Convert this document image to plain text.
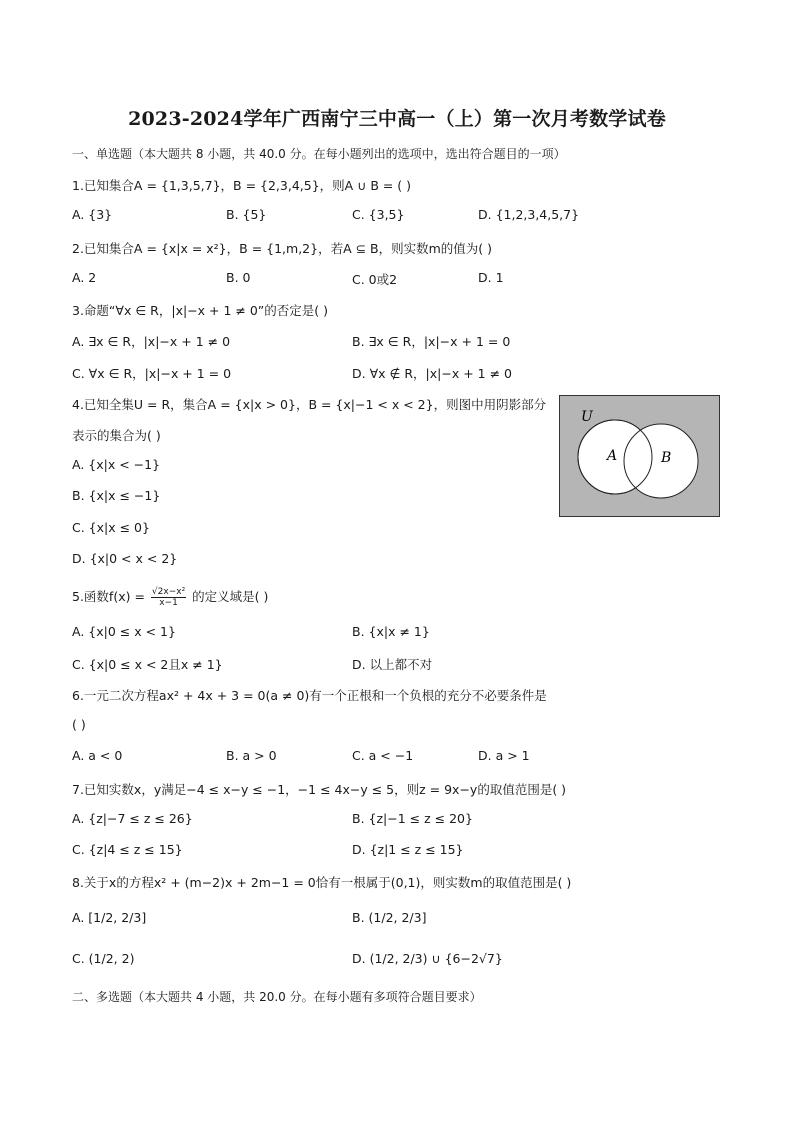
2023-2024学年广西南宁三中高一（上）第一次月考数学试卷
一、单选题（本大题共 8 小题，共 40.0 分。在每小题列出的选项中，选出符合题目的一项）
1.已知集合A = {1,3,5,7}，B = {2,3,4,5}，则A ∪ B = ( )
A. {3}	B. {5}	C. {3,5}	D. {1,2,3,4,5,7}
2.已知集合A = {x|x = x²}，B = {1,m,2}，若A ⊆ B，则实数m的值为( )
A. 2	B. 0	C. 0或2	D. 1
3.命题“∀x ∈ R，|x|−x + 1 ≠ 0”的否定是( )
A. ∃x ∈ R，|x|−x + 1 ≠ 0	B. ∃x ∈ R，|x|−x + 1 = 0
C. ∀x ∈ R，|x|−x + 1 = 0	D. ∀x ∉ R，|x|−x + 1 ≠ 0
4.已知全集U = R，集合A = {x|x > 0}，B = {x|−1 < x < 2}，则图中用阴影部分
表示的集合为( )
A. {x|x < −1}
B. {x|x ≤ −1}
C. {x|x ≤ 0}
D. {x|0 < x < 2}
U
A	B
5.函数$f(x) = \frac{\text{√2x−x²}}{x-1}$ 的定义域是( )
A. {x|0 ≤ x < 1}	B. {x|x ≠ 1}
C. {x|0 ≤ x < 2且x ≠ 1}	D. 以上都不对
6.一元二次方程ax² + 4x + 3 = 0(a ≠ 0)有一个正根和一个负根的充分不必要条件是
( )
A. a < 0	B. a > 0	C. a < −1	D. a > 1
7.已知实数x，y满足−4 ≤ x−y ≤ −1，−1 ≤ 4x−y ≤ 5，则z = 9x−y的取值范围是( )
A. {z|−7 ≤ z ≤ 26}	B. {z|−1 ≤ z ≤ 20}
C. {z|4 ≤ z ≤ 15}	D. {z|1 ≤ z ≤ 15}
8.关于x的方程x² + (m−2)x + 2m−1 = 0恰有一根属于(0,1)，则实数m的取值范围是( )
A. [1/2, 2/3]	B. (1/2, 2/3]
C. (1/2, 2)	D. (1/2, 2/3) ∪ {6−2√7}
二、多选题（本大题共 4 小题，共 20.0 分。在每小题有多项符合题目要求）
